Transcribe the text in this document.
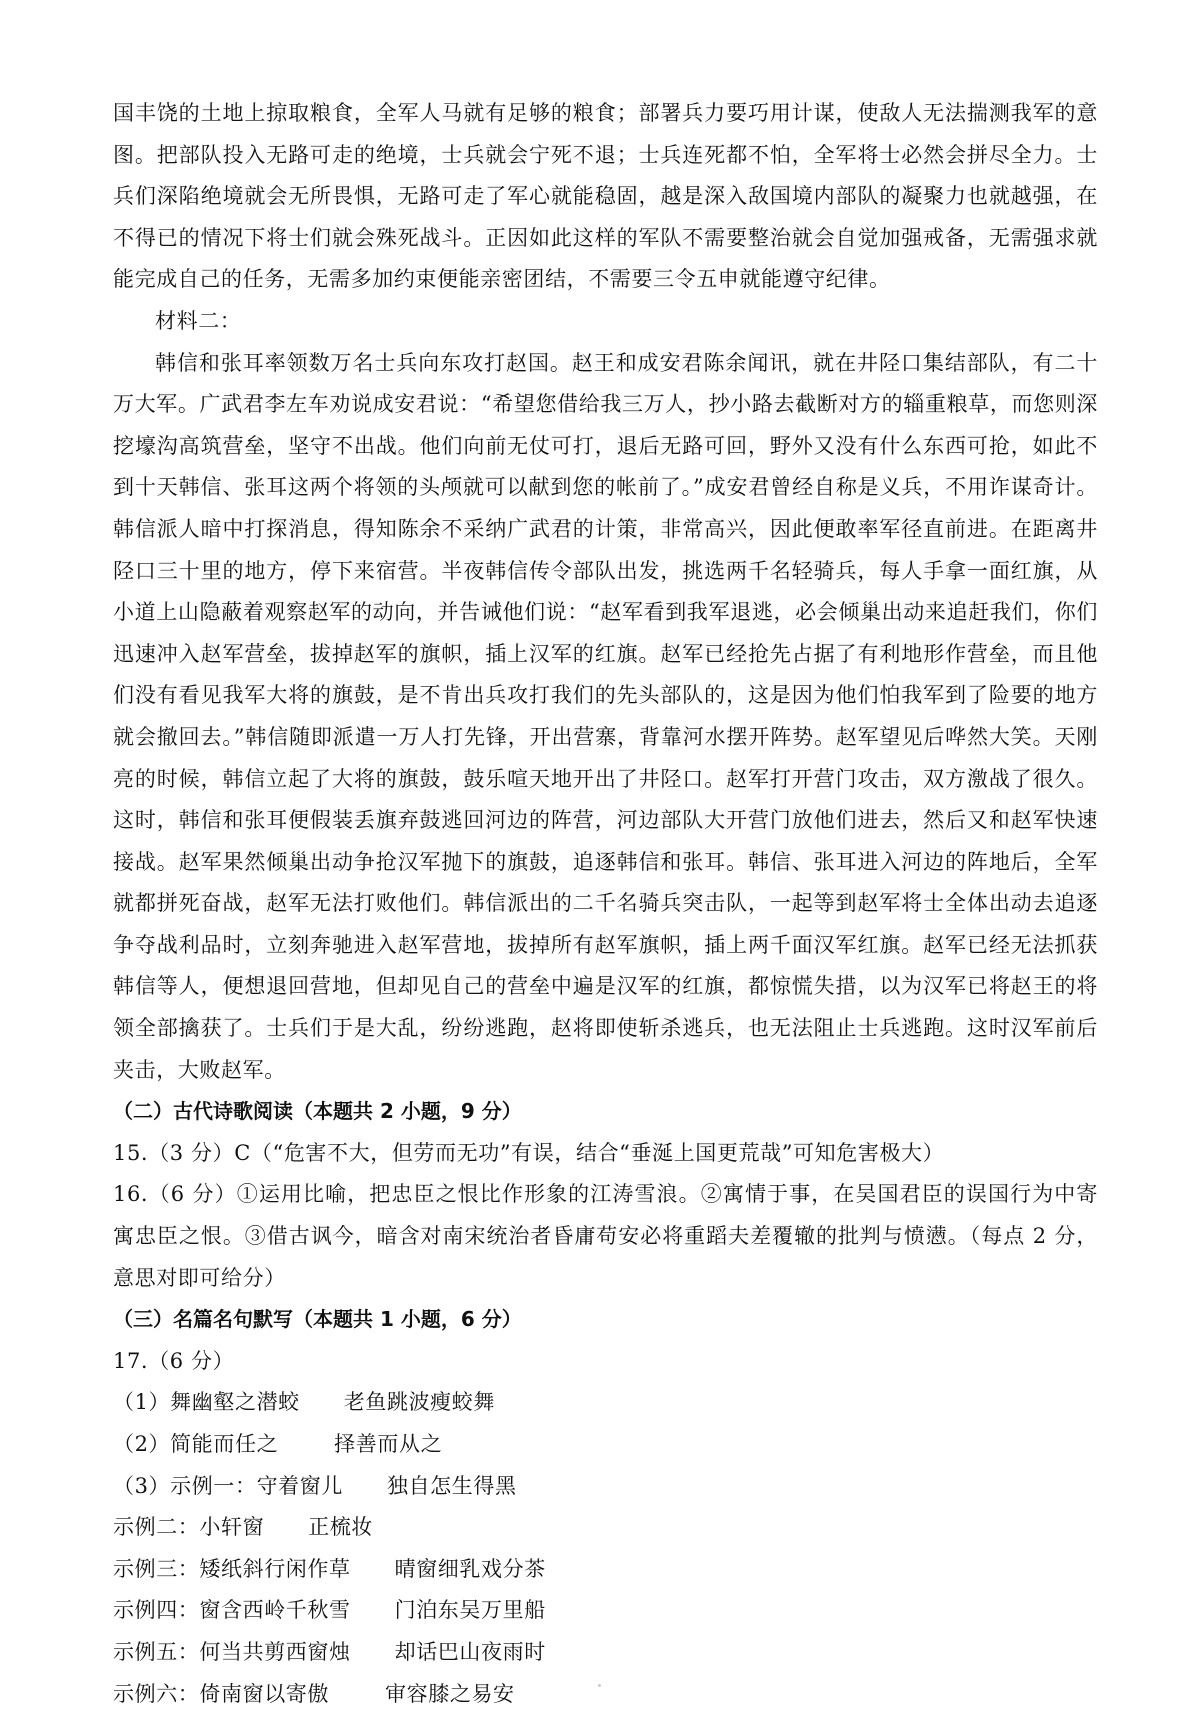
国丰饶的土地上掠取粮食，全军人马就有足够的粮食；部署兵力要巧用计谋，使敌人无法揣测我军的意图。把部队投入无路可走的绝境，士兵就会宁死不退；士兵连死都不怕，全军将士必然会拼尽全力。士兵们深陷绝境就会无所畏惧，无路可走了军心就能稳固，越是深入敌国境内部队的凝聚力也就越强，在不得已的情况下将士们就会殊死战斗。正因如此这样的军队不需要整治就会自觉加强戒备，无需强求就能完成自己的任务，无需多加约束便能亲密团结，不需要三令五申就能遵守纪律。

材料二：

韩信和张耳率领数万名士兵向东攻打赵国。赵王和成安君陈余闻讯，就在井陉口集结部队，有二十万大军。广武君李左车劝说成安君说：“希望您借给我三万人，抄小路去截断对方的辎重粮草，而您则深挖壕沟高筑营垒，坚守不出战。他们向前无仗可打，退后无路可回，野外又没有什么东西可抢，如此不到十天韩信、张耳这两个将领的头颅就可以献到您的帐前了。”成安君曾经自称是义兵，不用诈谋奇计。韩信派人暗中打探消息，得知陈余不采纳广武君的计策，非常高兴，因此便敢率军径直前进。在距离井陉口三十里的地方，停下来宿营。半夜韩信传令部队出发，挑选两千名轻骑兵，每人手拿一面红旗，从小道上山隐蔽着观察赵军的动向，并告诫他们说：“赵军看到我军退逃，必会倾巢出动来追赶我们，你们迅速冲入赵军营垒，拔掉赵军的旗帜，插上汉军的红旗。赵军已经抢先占据了有利地形作营垒，而且他们没有看见我军大将的旗鼓，是不肯出兵攻打我们的先头部队的，这是因为他们怕我军到了险要的地方就会撤回去。”韩信随即派遣一万人打先锋，开出营寨，背靠河水摆开阵势。赵军望见后哗然大笑。天刚亮的时候，韩信立起了大将的旗鼓，鼓乐喧天地开出了井陉口。赵军打开营门攻击，双方激战了很久。这时，韩信和张耳便假装丢旗弃鼓逃回河边的阵营，河边部队大开营门放他们进去，然后又和赵军快速接战。赵军果然倾巢出动争抢汉军抛下的旗鼓，追逐韩信和张耳。韩信、张耳进入河边的阵地后，全军就都拼死奋战，赵军无法打败他们。韩信派出的二千名骑兵突击队，一起等到赵军将士全体出动去追逐争夺战利品时，立刻奔驰进入赵军营地，拔掉所有赵军旗帜，插上两千面汉军红旗。赵军已经无法抓获韩信等人，便想退回营地，但却见自己的营垒中遍是汉军的红旗，都惊慌失措，以为汉军已将赵王的将领全部擒获了。士兵们于是大乱，纷纷逃跑，赵将即使斩杀逃兵，也无法阻止士兵逃跑。这时汉军前后夹击，大败赵军。

（二）古代诗歌阅读（本题共 2 小题，9 分）

15.（3 分）C（“危害不大，但劳而无功”有误，结合“垂涎上国更荒哉”可知危害极大）

16.（6 分）①运用比喻，把忠臣之恨比作形象的江涛雪浪。②寓情于事，在吴国君臣的误国行为中寄寓忠臣之恨。③借古讽今，暗含对南宋统治者昏庸苟安必将重蹈夫差覆辙的批判与愤懑。（每点 2 分，意思对即可给分）

（三）名篇名句默写（本题共 1 小题，6 分）

17.（6 分）

（1）舞幽壑之潜蛟 老鱼跳波瘦蛟舞

（2）简能而任之	择善而从之

（3）示例一：守着窗儿 独自怎生得黑

示例二：小轩窗 正梳妆

示例三：矮纸斜行闲作草 晴窗细乳戏分茶

示例四：窗含西岭千秋雪 门泊东吴万里船

示例五：何当共剪西窗烛 却话巴山夜雨时

示例六：倚南窗以寄傲	审容膝之易安
